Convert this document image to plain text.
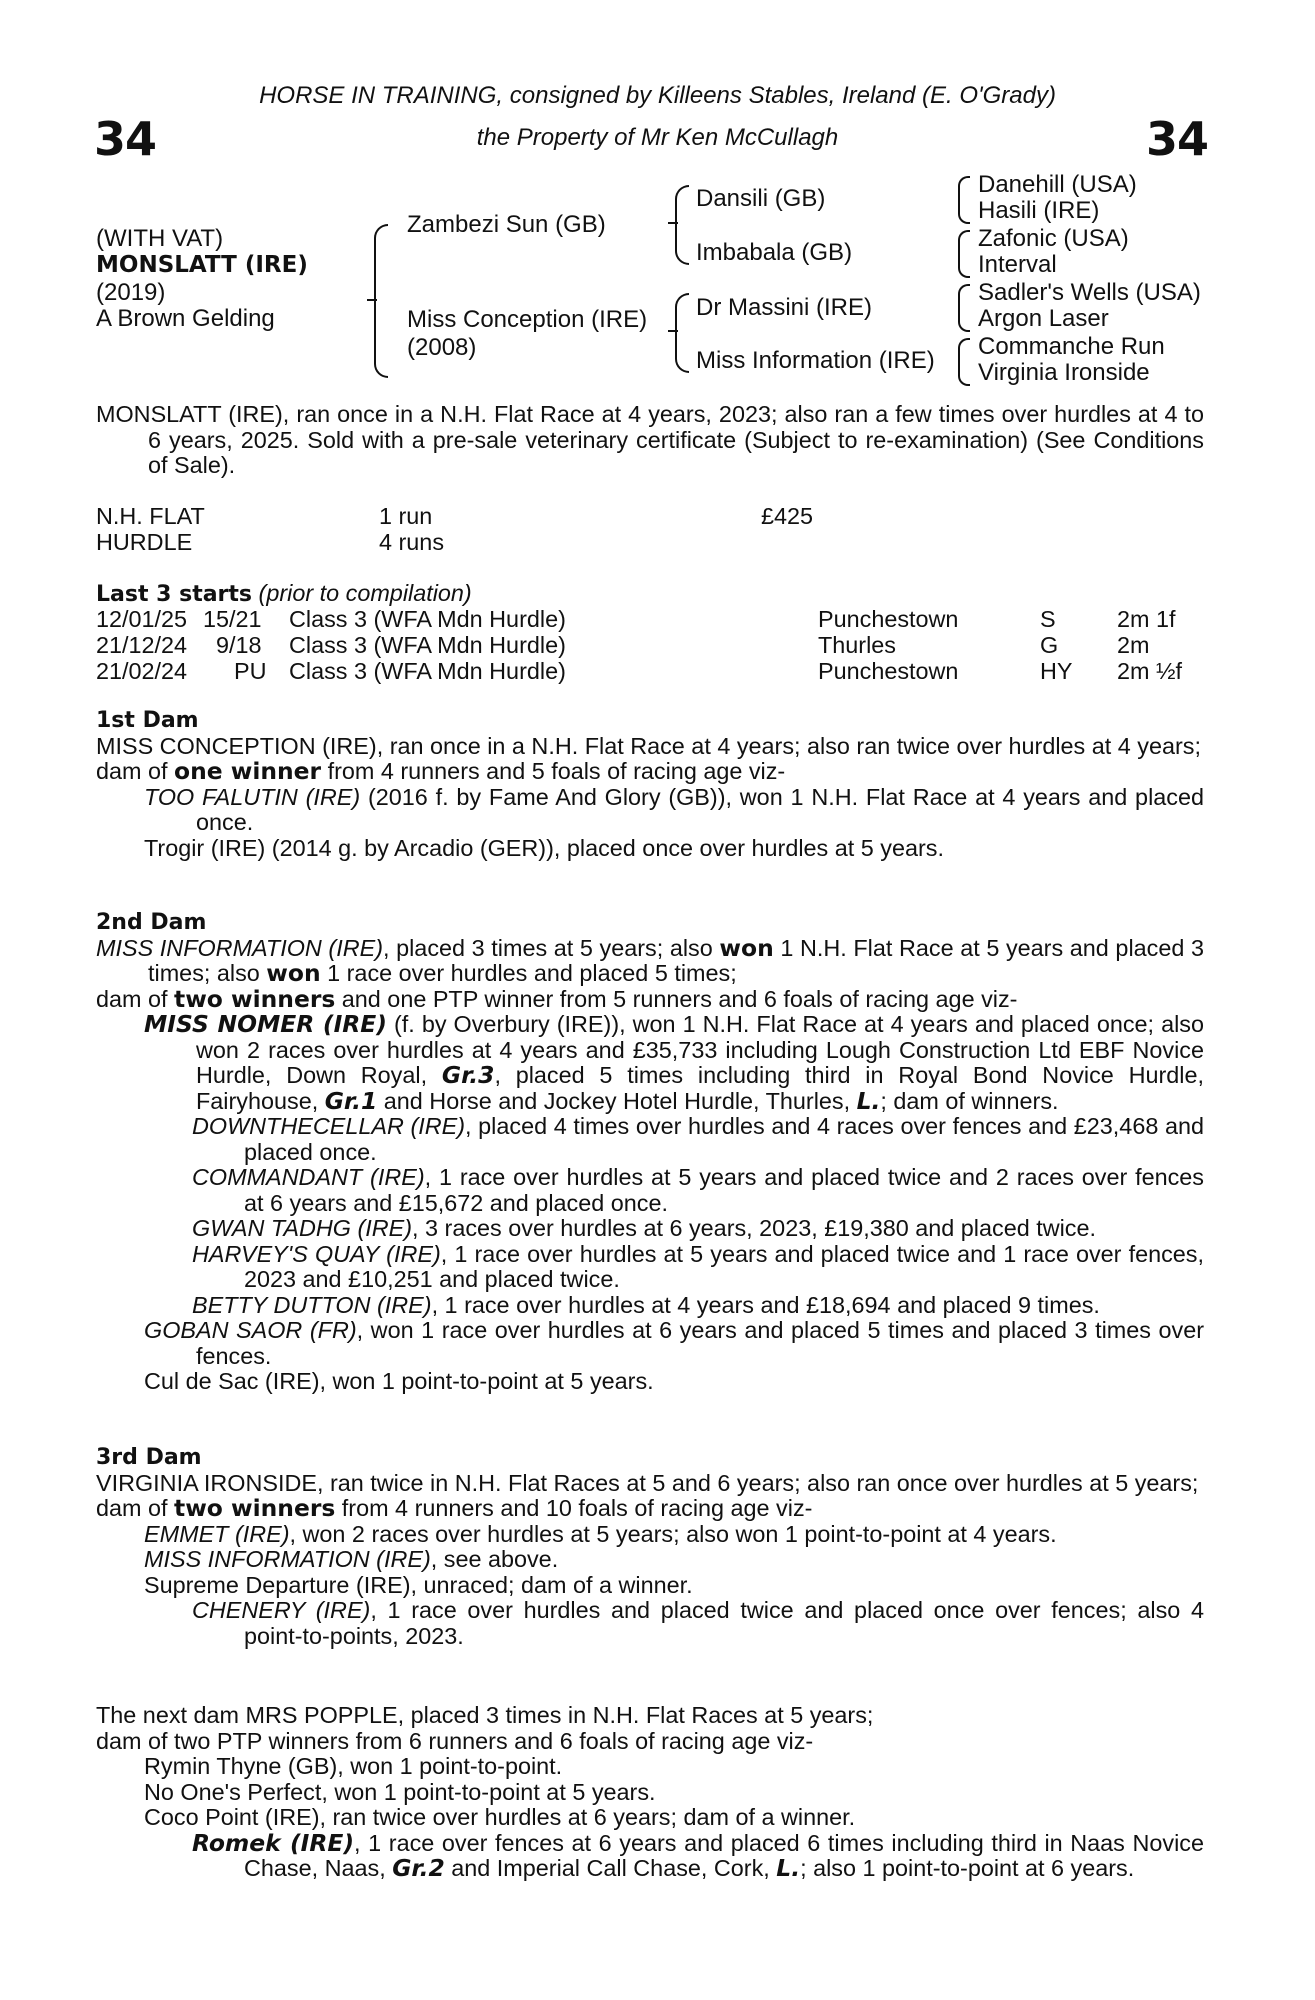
34	34
HORSE IN TRAINING, consigned by Killeens Stables, Ireland (E. O'Grady)
the Property of Mr Ken McCullagh
(WITH VAT)
MONSLATT (IRE)
(2019)
A Brown Gelding
Zambezi Sun (GB)
Miss Conception (IRE)
(2008)
Dansili (GB)
Imbabala (GB)
Dr Massini (IRE)
Miss Information (IRE)
Danehill (USA)
Hasili (IRE)
Zafonic (USA)
Interval
Sadler's Wells (USA)
Argon Laser
Commanche Run
Virginia Ironside

MONSLATT (IRE), ran once in a N.H. Flat Race at 4 years, 2023; also ran a few times over hurdles at 4 to 6 years, 2025. Sold with a pre-sale veterinary certificate (Subject to re-examination) (See Conditions of Sale).

N.H. FLAT	1 run	£425
HURDLE	4 runs
Last 3 starts (prior to compilation)
12/01/25 15/21 Class 3 (WFA Mdn Hurdle)	Punchestown	S	2m 1f
21/12/24 9/18 Class 3 (WFA Mdn Hurdle)	Thurles	G	2m
21/02/24 PU Class 3 (WFA Mdn Hurdle)	Punchestown	HY 2m ½f
1st Dam

MISS CONCEPTION (IRE), ran once in a N.H. Flat Race at 4 years; also ran twice over hurdles at 4 years;

dam of one winner from 4 runners and 5 foals of racing age viz-

TOO FALUTIN (IRE) (2016 f. by Fame And Glory (GB)), won 1 N.H. Flat Race at 4 years and placed once.

Trogir (IRE) (2014 g. by Arcadio (GER)), placed once over hurdles at 5 years.

2nd Dam

MISS INFORMATION (IRE), placed 3 times at 5 years; also won 1 N.H. Flat Race at 5 years and placed 3 times; also won 1 race over hurdles and placed 5 times;

dam of two winners and one PTP winner from 5 runners and 6 foals of racing age viz-

MISS NOMER (IRE) (f. by Overbury (IRE)), won 1 N.H. Flat Race at 4 years and placed once; also won 2 races over hurdles at 4 years and £35,733 including Lough Construction Ltd EBF Novice Hurdle, Down Royal, Gr.3, placed 5 times including third in Royal Bond Novice Hurdle, Fairyhouse, Gr.1 and Horse and Jockey Hotel Hurdle, Thurles, L.; dam of winners.

DOWNTHECELLAR (IRE), placed 4 times over hurdles and 4 races over fences and £23,468 and placed once.

COMMANDANT (IRE), 1 race over hurdles at 5 years and placed twice and 2 races over fences at 6 years and £15,672 and placed once.

GWAN TADHG (IRE), 3 races over hurdles at 6 years, 2023, £19,380 and placed twice.

HARVEY'S QUAY (IRE), 1 race over hurdles at 5 years and placed twice and 1 race over fences, 2023 and £10,251 and placed twice.

BETTY DUTTON (IRE), 1 race over hurdles at 4 years and £18,694 and placed 9 times.

GOBAN SAOR (FR), won 1 race over hurdles at 6 years and placed 5 times and placed 3 times over fences.

Cul de Sac (IRE), won 1 point-to-point at 5 years.

3rd Dam

VIRGINIA IRONSIDE, ran twice in N.H. Flat Races at 5 and 6 years; also ran once over hurdles at 5 years;

dam of two winners from 4 runners and 10 foals of racing age viz-

EMMET (IRE), won 2 races over hurdles at 5 years; also won 1 point-to-point at 4 years.

MISS INFORMATION (IRE), see above.

Supreme Departure (IRE), unraced; dam of a winner.

CHENERY (IRE), 1 race over hurdles and placed twice and placed once over fences; also 4 point-to-points, 2023.

The next dam MRS POPPLE, placed 3 times in N.H. Flat Races at 5 years;

dam of two PTP winners from 6 runners and 6 foals of racing age viz-

Rymin Thyne (GB), won 1 point-to-point.

No One's Perfect, won 1 point-to-point at 5 years.

Coco Point (IRE), ran twice over hurdles at 6 years; dam of a winner.

Romek (IRE), 1 race over fences at 6 years and placed 6 times including third in Naas Novice Chase, Naas, Gr.2 and Imperial Call Chase, Cork, L.; also 1 point-to-point at 6 years.
